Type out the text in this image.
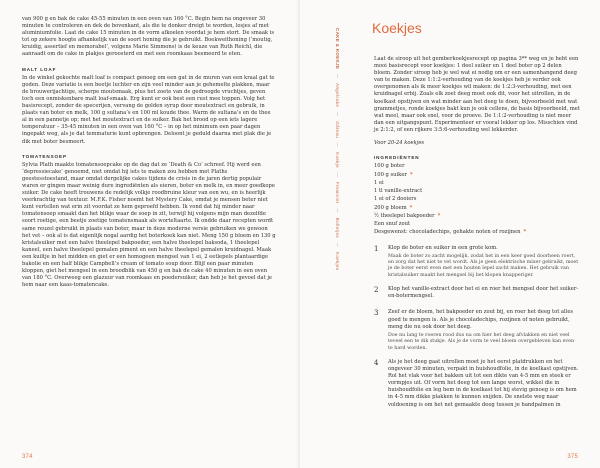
van 900 g en bak de cake 45-55 minuten in een oven van 160 °C. Begin hem na ongeveer 30 minuten te controleren en dek de bovenkant, als die te donker dreigt te worden, losjes af met aluminiumfolie. Laat de cake 15 minuten in de vorm afkoelen voordat je hem stort. De smaak is tot op zekere hoogte afhankelijk van de soort honing die je gebruikt. Boekweithoning (‘moutig, kruidig, assertief en memorabel’, volgens Marie Simmons) is de keuze van Ruth Reichl, die aanraadt om de cake in plakjes geroosterd en met een roomkaas besmeerd te eten.

MALT LOAF

In de winkel gekochte malt loaf is compact genoeg om een gat in de muren van een kraal gat te goden. Deze variatie is een beetje luchter en zijn veel minder aan je gehemelte plakken, maar de brouwerijachtige, scherpe moutsmaak, plus het zoete van de gedroogde vruchtjes, geven toch een onmiskenbare malt loaf-smaak. Erg kunt er ook best een rust mee toppen. Volg het basisrecept, zonder de specerijen, vervang de golden syrup door moutextract en gebruik, in plaats van boter en melk, 100 g sultana’s en 100 ml koude thee. Warm de sultana’s en de thee al in een pannetje op; met het moutextract en de suiker. Bak het brood op een iets lagere temperatuur – 35-45 minuten in een oven van 160 °C – in op het minimum een paar dagen ingepakt weg, als je dat temmaturie kunt opbrengen. Deloont je geduld daarna met plak die je dik met boter besmeert.

TOMATENSOEP

Sylvia Plath maakte tomatensoepcake op de dag dat ze ‘Death & Co’ schreef. Hij werd een ‘depressiecake’ genoemd, niet omdat hij iets te maken zou hebben met Plaths geestesstoestand, maar omdat dergelijke cakes tijdens de crisis in de jaren dertig populair waren er gingen maar weinig dure ingrediënten als eieren, boter en melk in, en meer goedkope suiker. De cake heeft trouwens de redelijk volkje roodbruine kleur van een wu, en is heerlijk veerkrachtig van textuur. M.F.K. Fisher noemt het Mystery Cake, omdat je mensen beter niet kunt vertellen wat erin zit voordat ze hem geproefd hebben. Ik vond dat hij minder naar tomatensoep smaakt dan het blikje waar de soep in zit, terwijl hij volgens mijn man dezelfde soort roetige, een beetje zoetige tomatensmaak als worteltaarte. Ik ondde daar recepten wordt same reuzel gebruikt in plaats van boter, maar in deze moderne versie gebruiken we gewoon het vet – ook al is dat eigenlijk nogal aardig het boterkoek kan niet. Meng 150 g bloem en 130 g kristalsuiker met een halve theelepel bakpoeder, een halve theelepel baksoda, 1 theelepel kaneel, een halve theelepel gemalen piment en een halve theelepel gemalen kruidnagel. Maak een kuiltje in het midden en giet er een homogeen mengsel van 1 ei, 2 eetlepels plantaardige bakolie en een half blikje Campbell’s cream of tomato soup door. Blijf een paar minuten kloppen, giet het mengsel in een broodblik van 450 g en bak de cake 40 minuten in een oven van 180 °C. Overweeg een glazuur van roomkaas en poedersuiker, dan heb je het gevoel dat je hem naar een kaas-tomatencake.

374
CAKE & KOEKJE — Angelcake — Gâteau — Koekje — Financier — Bolletjes — Koekjes
Koekjes

Laat de siroop uit het gemberkoekjesrecept op pagina 3** weg en je hebt een mooi basisrecept voor koekjes: 1 deel suiker en 1 deel boter op 2 delen bloem. Zonder siroop heb je wel wat ei nodig om er een samenhangend deeg van te maken. Deze 1:1:2-verhouding van de koekjes heb je verder ook overgenomen als ik meer koekjes wil maken: de 1:2:3-verhouding, met een kruidnagel erbij. Zoals elk zoet deeg moet ook dit, voor het uitrollen, in de koelkast opstijven en wat minder aan het deeg te doen, bijvoorbeeld met wat grammetjes, ronde koekjes bakt kun je ook cellens, de basis bijvoorbeeld, met wat meel, maar ook snel, voor de proeve. De 1:1:2-verhouding is niet meer dan een uitgangspunt. Experimenteer er vooral lekker op los. Misschien vind je 2:1:2, of een rijkere 3:5:6-verhouding wel lekkerder.

Voor 20-24 koekjes

INGREDIËNTEN
100 g boter
100 g suiker *
1 ei
1 tl vanille-extract
1 ei of 2 dooiers
200 g bloem *
½ theelepel bakpoeder *
Een snuf zout
Desgewenst: chocoladechips, gehakte noten of rozijnen *
1	Klop de boter en suiker in een grote kom.

Maak de boter zo zacht mogelijk, zodat het in een keer goed doorheen roert, en zorg dat het niet te vet wordt. Als je geen elektrische mixer gebruikt, moet je de boter eerst even met een houten lepel zacht maken. Het gebruik van kristalsuiker maakt het mengsel bij het klopen knapperiger.

2	Klop het vanille-extract door het ei en roer het mengsel door het suiker-en-botermengsel.

3	Zeef er de bloem, het bakpoeder en zout bij, en roer het deeg tot alles goed te mengen is. Als je chocoladechips, rozijnen of noten gebruikt, meng die nu ook door het deeg.

Doe nu lang te roeren rood dus na om hier het deeg afvlakken en niet veel teveel een te dik stukje. Als je de vorm te veel bloem overgebleven kan even te hard worden.

4	Als je het deeg gaat uitrollen moet je het eerst platdrukken en het ongeveer 30 minuten, verpakt in huishoudfolie, in de koelkast opstijven. Rol het vlak voor het bakken uit tot een dikte van 4-5 mm en steek er vormpjes uit. Of vorm het deeg tot een lange worst, wikkel die in huishoudfolie en leg hem in de koelkast tot hij stevig genoeg is om hem in 4-5 mm dikke plakken te kunnen snijden. De snelste weg naar voldoening is om het net gemaakte deeg tussen je handpalmen in

375
